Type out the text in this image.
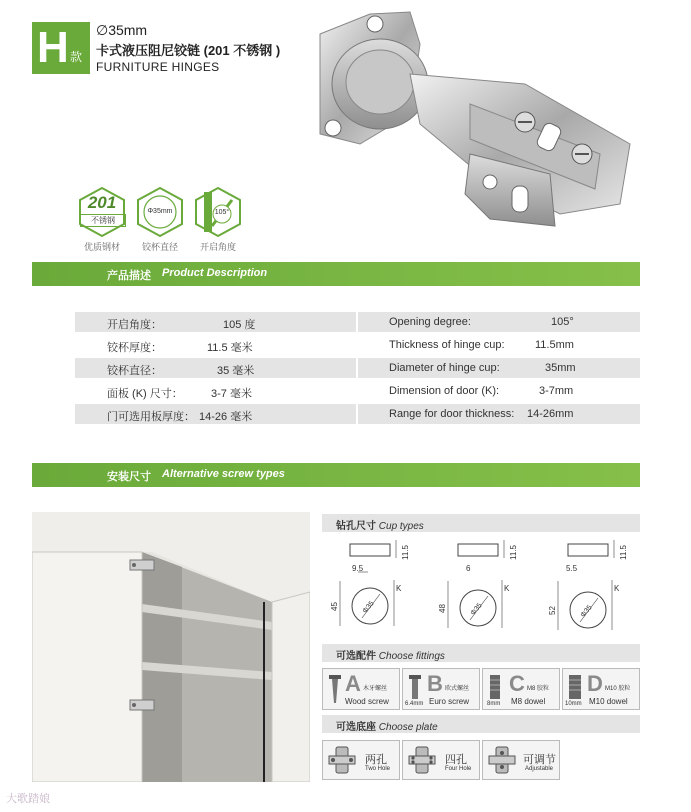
H 款
∅35mm
卡式液压阻尼铰链 (201 不锈钢 )
FURNITURE HINGES
201
不锈钢
优质钢材
Φ35mm
铰杯直径
105°
开启角度
产品描述 Product Description
开启角度：	105 度	Opening degree:	105°
铰杯厚度：	11.5 毫米	Thickness of hinge cup:	11.5mm
铰杯直径：	35 毫米	Diameter of hinge cup:	35mm
面板 (K) 尺寸：	3-7 毫米	Dimension of door (K):	3-7mm
门可选用板厚度： 14-26 毫米	Range for door thickness: 14-26mm
安装尺寸 Alternative screw types
钻孔尺寸 Cup types
9.5
11.5
K
45	Φ35
6
11.5
K
48	Φ35
5.5
11.5
K
52	Φ35
可选配件 Choose fittings
A 木牙螺丝
Wood screw	6.4mm
B 欧式螺丝
Euro screw	8mm
C M8 胶粒
M8 dowel	10mm
D M10 胶粒
M10 dowel
可选底座 Choose plate
两孔
Two Hole
四孔
Four Hole
可调节
Adjustable
大歌踏娘
